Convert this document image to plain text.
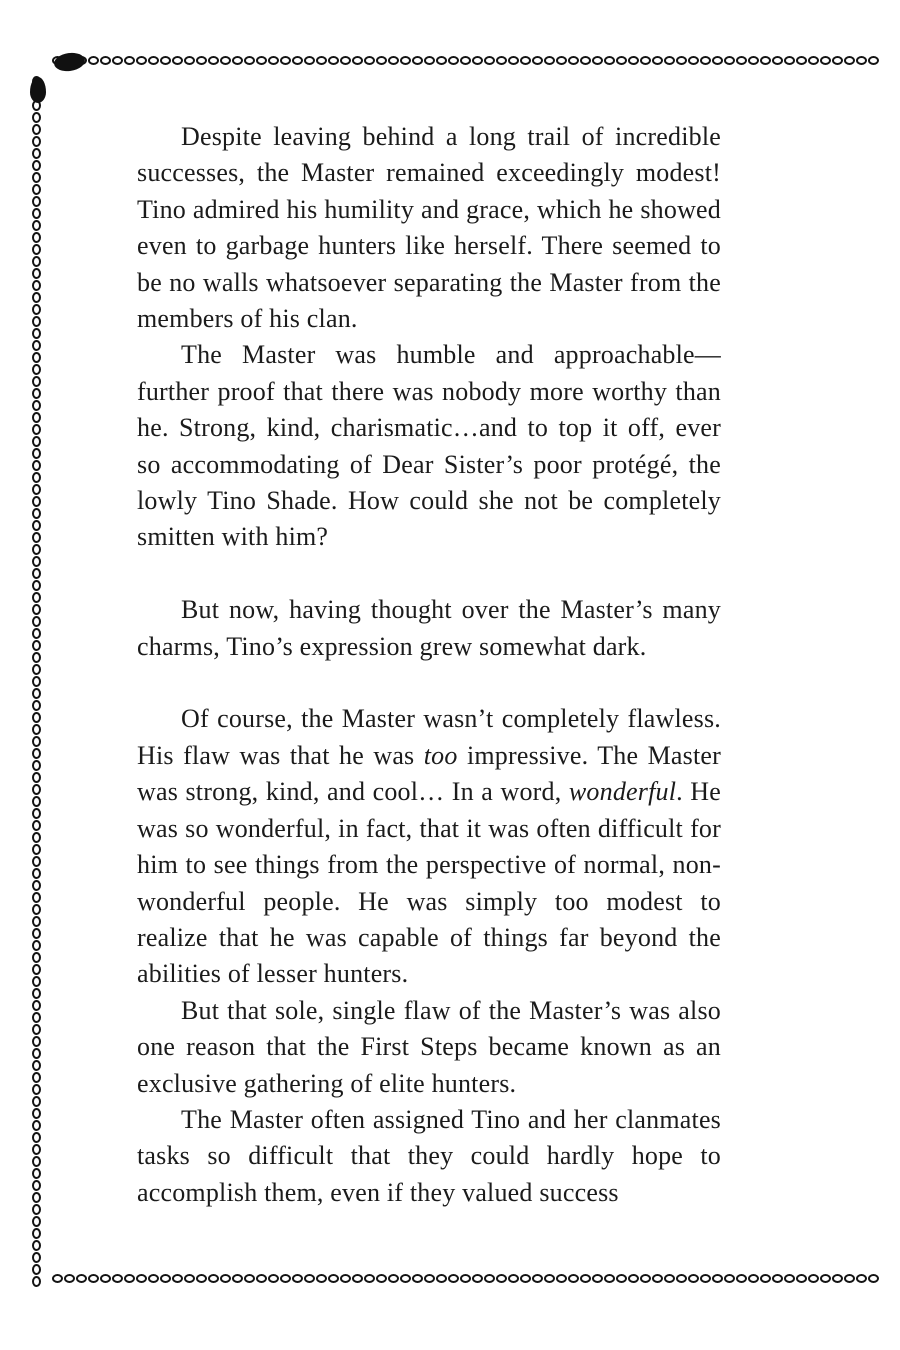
Despite leaving behind a long trail of incredible successes, the Master remained exceedingly modest! Tino admired his humility and grace, which he showed even to garbage hunters like herself. There seemed to be no walls whatsoever separating the Master from the members of his clan.

The Master was humble and approachable—further proof that there was nobody more worthy than he. Strong, kind, charismatic…and to top it off, ever so accommodating of Dear Sister’s poor protégé, the lowly Tino Shade. How could she not be completely smitten with him?

But now, having thought over the Master’s many charms, Tino’s expression grew somewhat dark.

Of course, the Master wasn’t completely flawless. His flaw was that he was too impressive. The Master was strong, kind, and cool… In a word, wonderful. He was so wonderful, in fact, that it was often difficult for him to see things from the perspective of normal, non-wonderful people. He was simply too modest to realize that he was capable of things far beyond the abilities of lesser hunters.

But that sole, single flaw of the Master’s was also one reason that the First Steps became known as an exclusive gathering of elite hunters.

The Master often assigned Tino and her clanmates tasks so difficult that they could hardly hope to accomplish them, even if they valued success
